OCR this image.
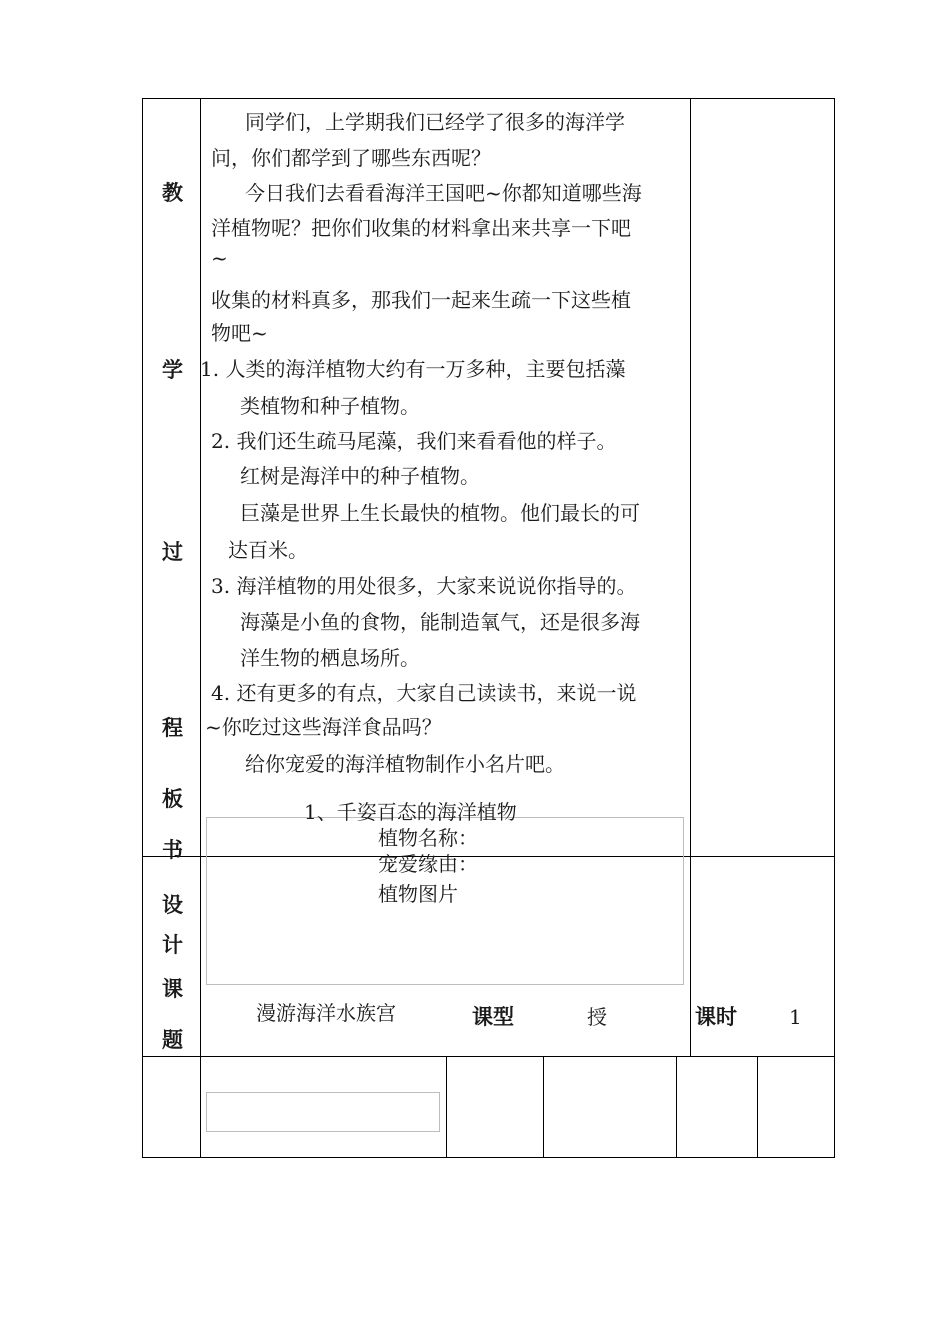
教
学
过
程
板
书
设
计
课
题
同学们，上学期我们已经学了很多的海洋学
问，你们都学到了哪些东西呢？
今日我们去看看海洋王国吧~你都知道哪些海
洋植物呢？把你们收集的材料拿出来共享一下吧
~
收集的材料真多，那我们一起来生疏一下这些植
物吧~
1. 人类的海洋植物大约有一万多种，主要包括藻
类植物和种子植物。
2. 我们还生疏马尾藻，我们来看看他的样子。
红树是海洋中的种子植物。
巨藻是世界上生长最快的植物。他们最长的可
达百米。
3. 海洋植物的用处很多，大家来说说你指导的。
海藻是小鱼的食物，能制造氧气，还是很多海
洋生物的栖息场所。
4. 还有更多的有点，大家自己读读书，来说一说
~你吃过这些海洋食品吗？
给你宠爱的海洋植物制作小名片吧。
1、千姿百态的海洋植物
植物名称：
宠爱缘由：
植物图片
漫游海洋水族宫	课型	授	课时	1
